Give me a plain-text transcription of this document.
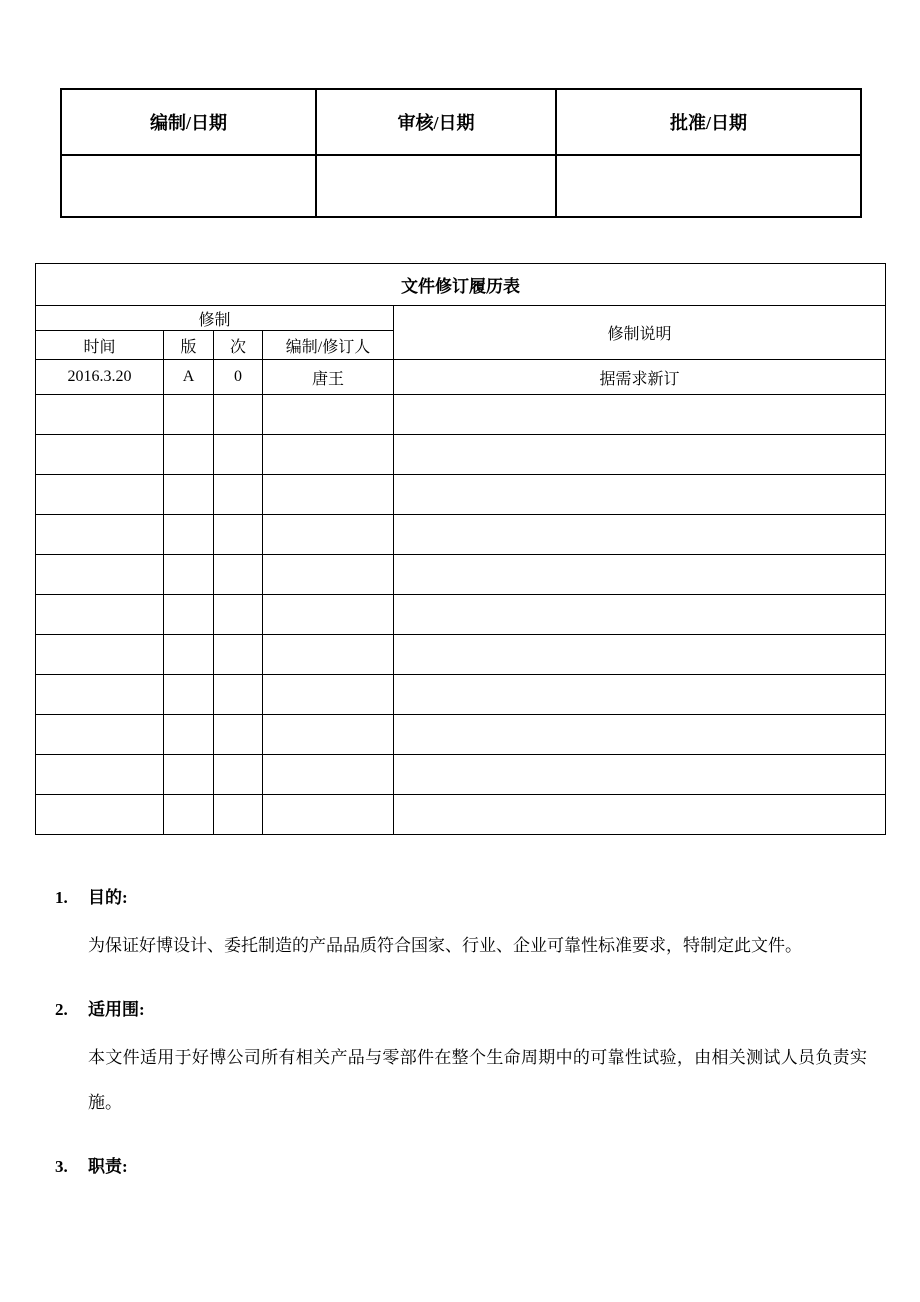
编制/日期	审核/日期	批准/日期

文件修订履历表				
修制				修制说明
时间	版	次	编制/修订人	
2016.3.20	A	0	唐王	据需求新订

1.	目的:

为保证好博设计、委托制造的产品品质符合国家、行业、企业可靠性标准要求，特制定此文件。

2.	适用围:

本文件适用于好博公司所有相关产品与零部件在整个生命周期中的可靠性试验，由相关测试人员负责实施。

3.	职责:
